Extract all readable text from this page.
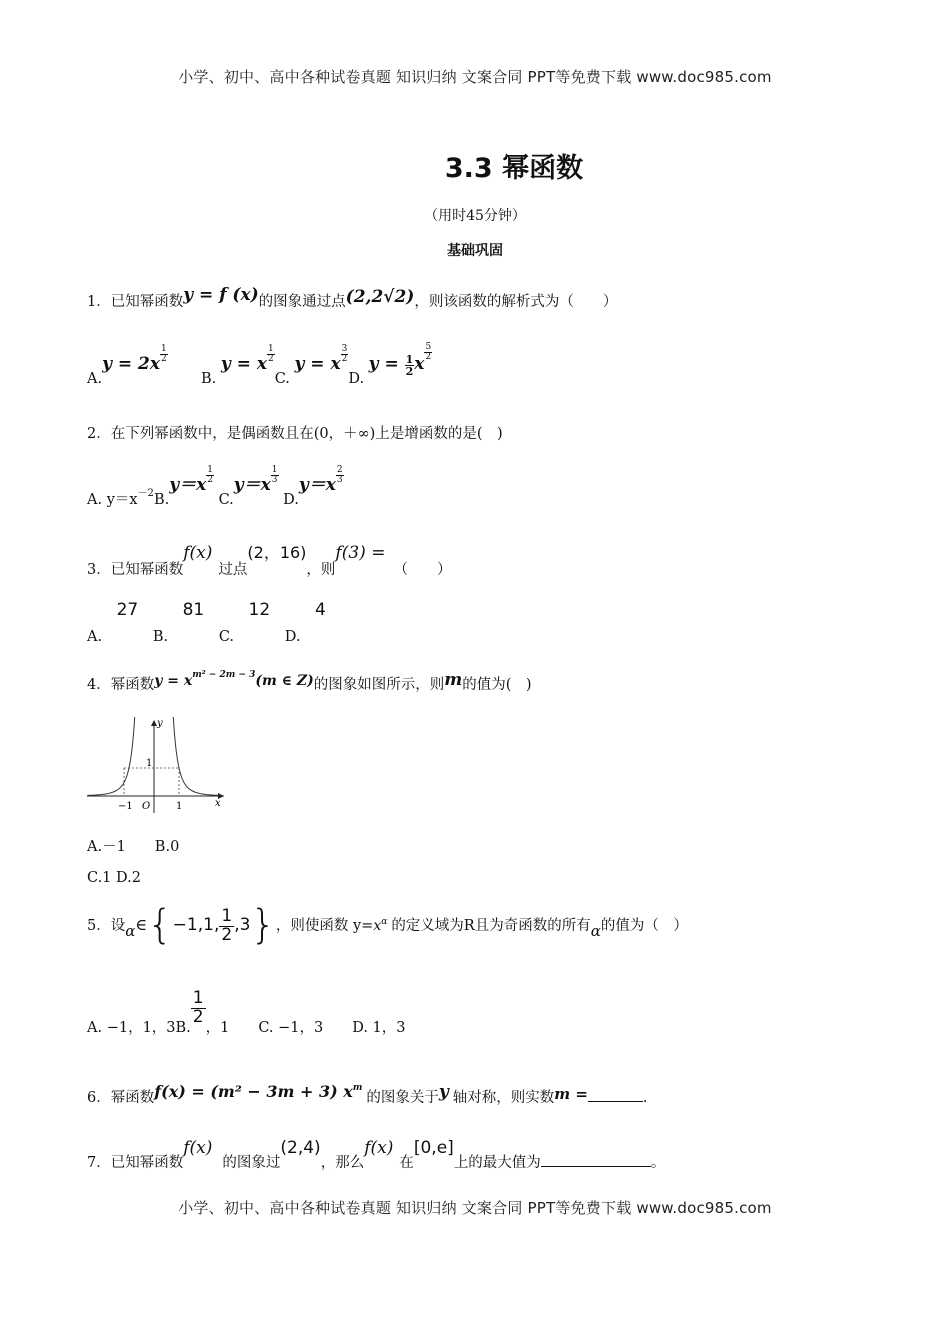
小学、初中、高中各种试卷真题 知识归纳 文案合同 PPT等免费下载 www.doc985.com
3.3 幂函数
（用时45分钟）
基础巩固
1．已知幂函数y = f (x)的图象通过点(2,2√2)，则该函数的解析式为（　　）
$A.y = 2x \frac{1}{2}$
B. y = x $\frac{1}{2}$
C. y = x $\frac{3}{2}$
D. $y = \frac{1}{2}$ x
$\frac{5}{2}$
2．在下列幂函数中，是偶函数且在(0，＋∞)上是增函数的是(　)
A. $y=x_{-2}B.y=x \frac{1}{2}$
$C.y=x \frac{1}{3}$
$D.y=x \frac{2}{3}$
3．已知幂函数f(x)过点(2，16)，则f(3) =（　　）
A.　27 B.　81 C.　12 D.　4
4．幂函数$y = x^{m^2 - 2m - 3}(m$ ∈ Z)的图象如图所示，则m的值为(　)
y
x
O
−1	1
1
A.－1　　B.0
C.1 D.2
5．设α∈{−1,1, $\frac{1}{2} ,3$}，则使函数 $y=x^\alpha$ 的定义域为R且为奇函数的所有α的值为（　）
A. −1，1，3B.
$\frac{1}{2}$
，1　　C. −1，3　　D. 1，3
6．幂函数f(x) = (m² − 3m + 3) $x^m$的图象关于y 轴对称，则实数m =	.
7．已知幂函数f(x)的图象过(2,4)，那么f(x)在[0,e]上的最大值为	。
小学、初中、高中各种试卷真题 知识归纳 文案合同 PPT等免费下载 www.doc985.com
